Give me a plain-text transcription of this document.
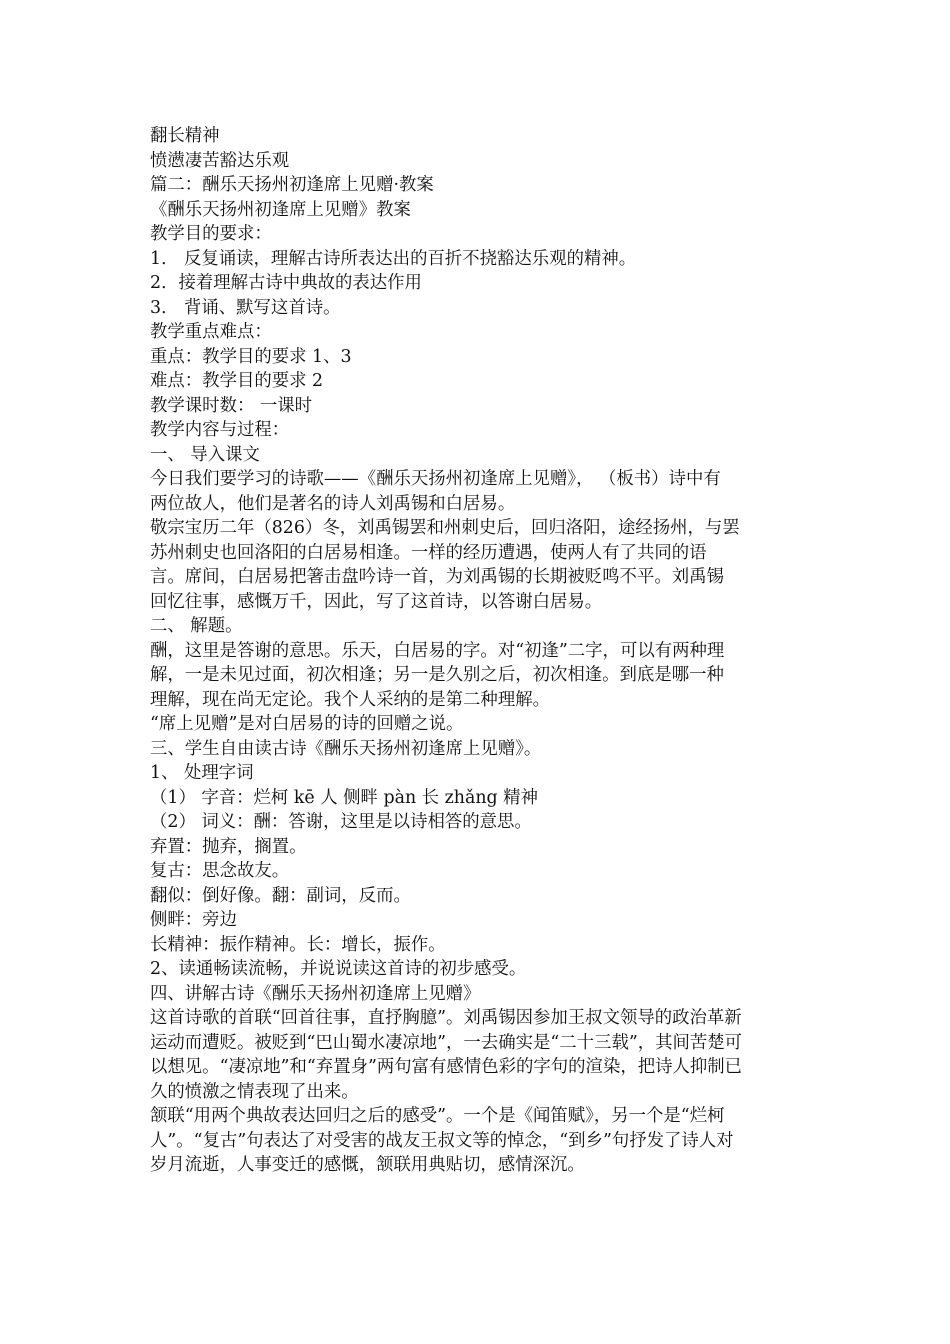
翻长精神

愤懑凄苦豁达乐观

篇二：酬乐天扬州初逢席上见赠·教案

《酬乐天扬州初逢席上见赠》教案

教学目的要求：

1． 反复诵读，理解古诗所表达出的百折不挠豁达乐观的精神。

2．接着理解古诗中典故的表达作用

3． 背诵、默写这首诗。

教学重点难点：

重点：教学目的要求 1、3

难点：教学目的要求 2

教学课时数： 一课时

教学内容与过程：

一、 导入课文

今日我们要学习的诗歌——《酬乐天扬州初逢席上见赠》， （板书）诗中有

两位故人，他们是著名的诗人刘禹锡和白居易。

敬宗宝历二年（826）冬，刘禹锡罢和州刺史后，回归洛阳，途经扬州，与罢

苏州刺史也回洛阳的白居易相逢。一样的经历遭遇，使两人有了共同的语

言。席间，白居易把箸击盘吟诗一首，为刘禹锡的长期被贬鸣不平。刘禹锡

回忆往事，感慨万千，因此，写了这首诗，以答谢白居易。

二、 解题。

酬，这里是答谢的意思。乐天，白居易的字。对“初逢”二字，可以有两种理

解，一是未见过面，初次相逢；另一是久别之后，初次相逢。到底是哪一种

理解，现在尚无定论。我个人采纳的是第二种理解。

“席上见赠”是对白居易的诗的回赠之说。

三、学生自由读古诗《酬乐天扬州初逢席上见赠》。

1、 处理字词

（1） 字音：烂柯 kē 人 侧畔 pàn 长 zhǎng 精神

（2） 词义：酬：答谢，这里是以诗相答的意思。

弃置：抛弃，搁置。

复古：思念故友。

翻似：倒好像。翻：副词，反而。

侧畔：旁边

长精神：振作精神。长：增长，振作。

2、读通畅读流畅，并说说读这首诗的初步感受。

四、讲解古诗《酬乐天扬州初逢席上见赠》

这首诗歌的首联“回首往事，直抒胸臆”。刘禹锡因参加王叔文领导的政治革新

运动而遭贬。被贬到“巴山蜀水凄凉地”，一去确实是“二十三载”，其间苦楚可

以想见。“凄凉地”和“弃置身”两句富有感情色彩的字句的渲染，把诗人抑制已

久的愤激之情表现了出来。

颔联“用两个典故表达回归之后的感受”。一个是《闻笛赋》，另一个是“烂柯

人”。“复古”句表达了对受害的战友王叔文等的悼念，“到乡”句抒发了诗人对

岁月流逝，人事变迁的感慨，颔联用典贴切，感情深沉。
